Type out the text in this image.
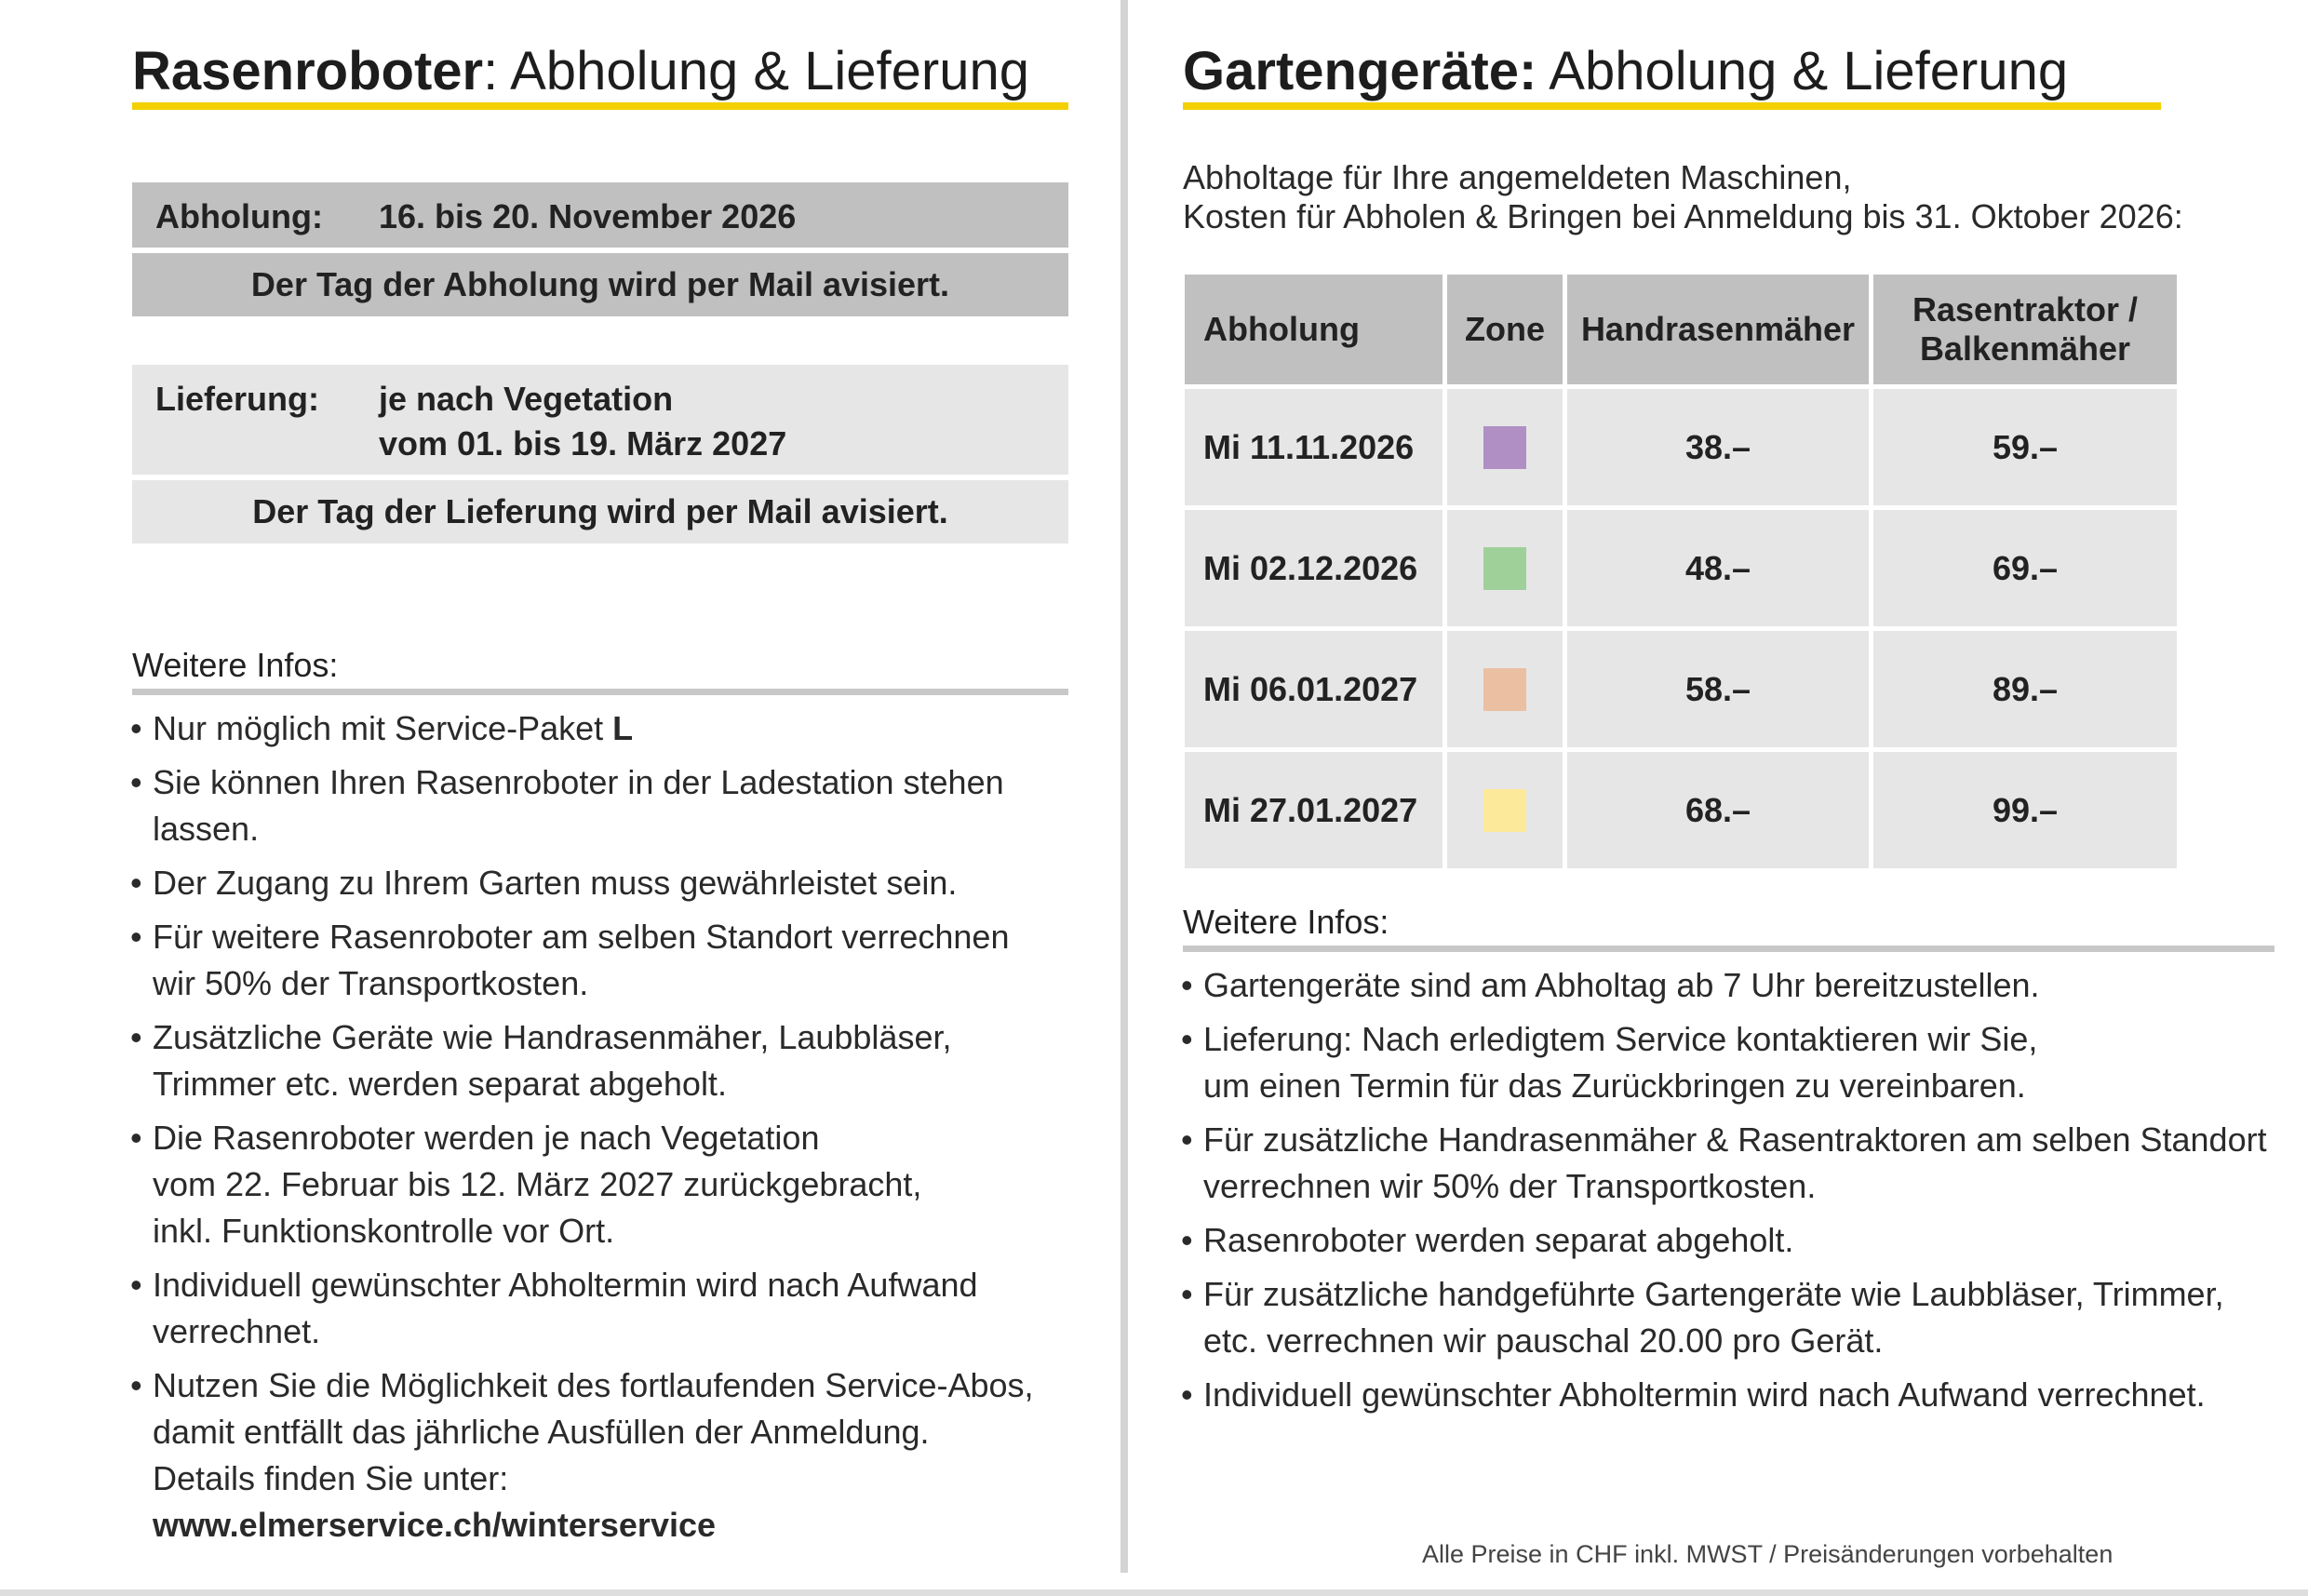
Rasenroboter: Abholung & Lieferung
Abholung: 16. bis 20. November 2026
Der Tag der Abholung wird per Mail avisiert.
Lieferung: je nach Vegetation
vom 01. bis 19. März 2027
Der Tag der Lieferung wird per Mail avisiert.
Weitere Infos:
• Nur möglich mit Service-Paket L
• Sie können Ihren Rasenroboter in der Ladestation stehen
lassen.
• Der Zugang zu Ihrem Garten muss gewährleistet sein.
• Für weitere Rasenroboter am selben Standort verrechnen
wir 50% der Transportkosten.
• Zusätzliche Geräte wie Handrasenmäher, Laubbläser,
Trimmer etc. werden separat abgeholt.
• Die Rasenroboter werden je nach Vegetation
vom 22. Februar bis 12. März 2027 zurückgebracht,
inkl. Funktionskontrolle vor Ort.
• Individuell gewünschter Abholtermin wird nach Aufwand
verrechnet.
• Nutzen Sie die Möglichkeit des fortlaufenden Service-Abos,
damit entfällt das jährliche Ausfüllen der Anmeldung.
Details finden Sie unter:
www.elmerservice.ch/winterservice
Gartengeräte: Abholung & Lieferung
Abholtage für Ihre angemeldeten Maschinen,
Kosten für Abholen & Bringen bei Anmeldung bis 31. Oktober 2026:
Abholung	Zone	Handrasenmäher	Rasentraktor /
Balkenmäher

Mi 11.11.2026		38.–	59.–
Mi 02.12.2026		48.–	69.–
Mi 06.01.2027		58.–	89.–
Mi 27.01.2027		68.–	99.–
Weitere Infos:
• Gartengeräte sind am Abholtag ab 7 Uhr bereitzustellen.
• Lieferung: Nach erledigtem Service kontaktieren wir Sie,
um einen Termin für das Zurückbringen zu vereinbaren.
• Für zusätzliche Handrasenmäher & Rasentraktoren am selben Standort
verrechnen wir 50% der Transportkosten.
• Rasenroboter werden separat abgeholt.
• Für zusätzliche handgeführte Gartengeräte wie Laubbläser, Trimmer,
etc. verrechnen wir pauschal 20.00 pro Gerät.
• Individuell gewünschter Abholtermin wird nach Aufwand verrechnet.
Alle Preise in CHF inkl. MWST / Preisänderungen vorbehalten
